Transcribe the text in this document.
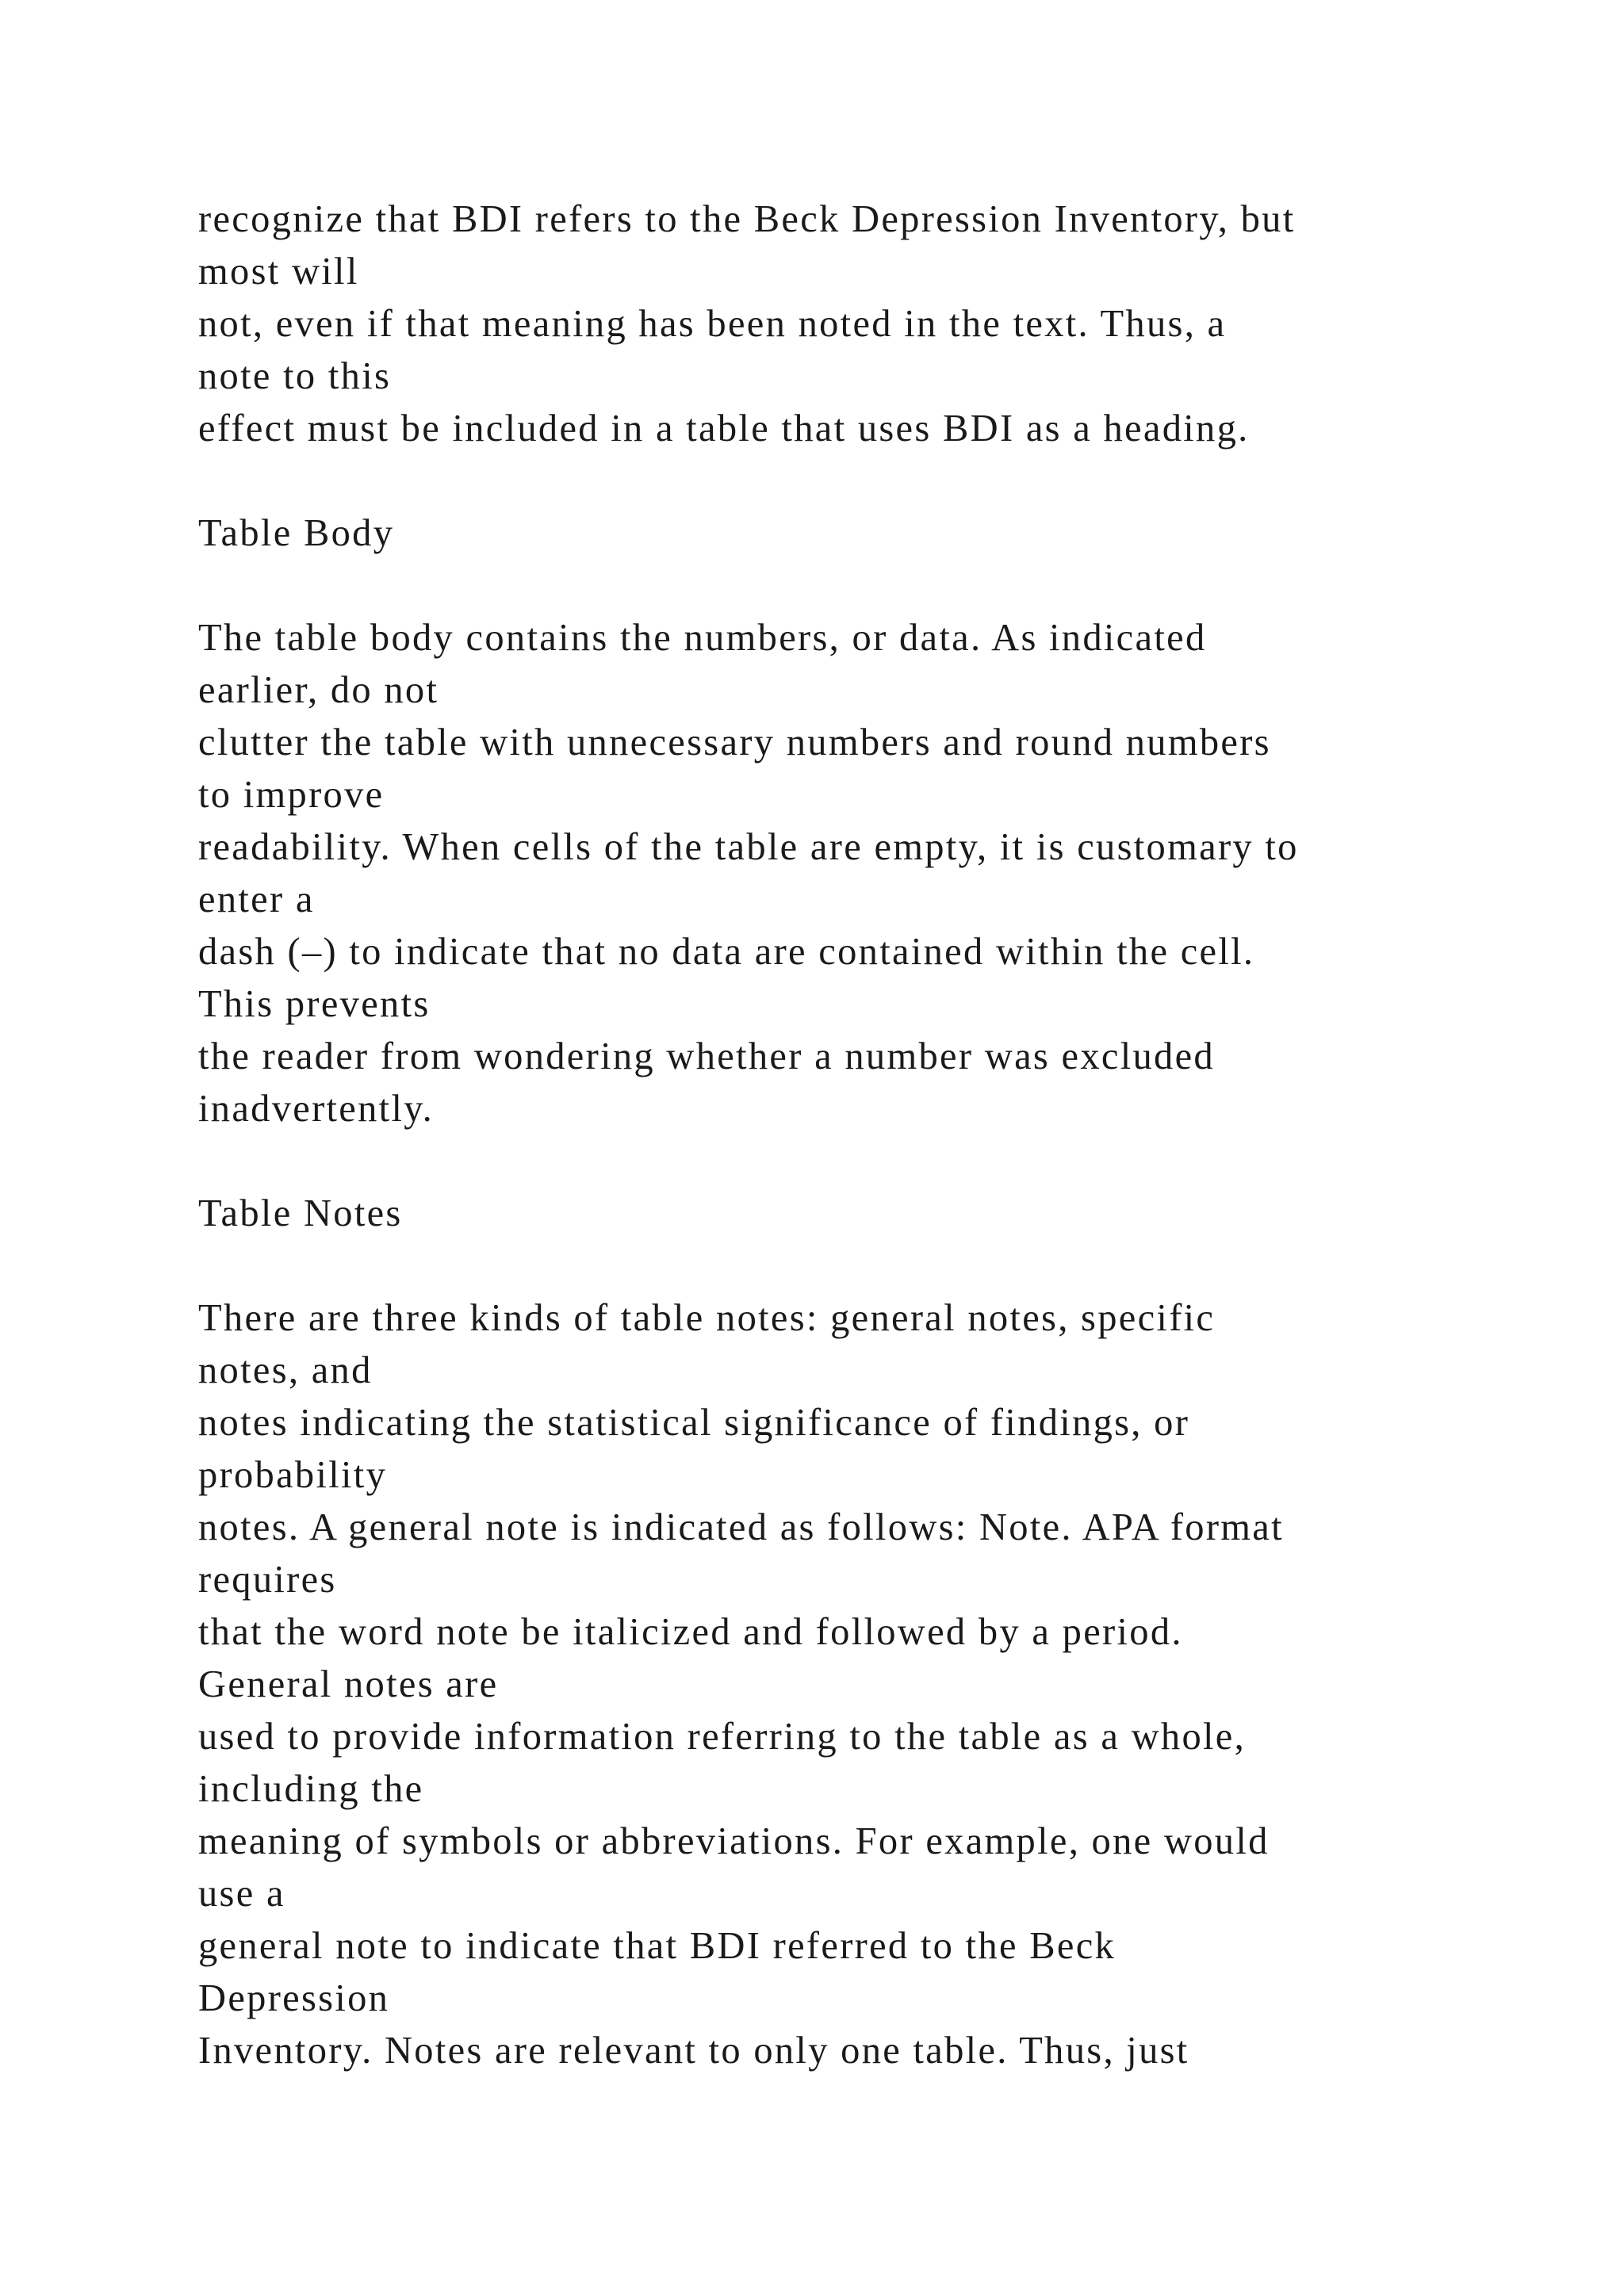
recognize that BDI refers to the Beck Depression Inventory, but
most will
not, even if that meaning has been noted in the text. Thus, a
note to this
effect must be included in a table that uses BDI as a heading.
Table Body
The table body contains the numbers, or data. As indicated
earlier, do not
clutter the table with unnecessary numbers and round numbers
to improve
readability. When cells of the table are empty, it is customary to
enter a
dash (–) to indicate that no data are contained within the cell.
This prevents
the reader from wondering whether a number was excluded
inadvertently.
Table Notes
There are three kinds of table notes: general notes, specific
notes, and
notes indicating the statistical significance of findings, or
probability
notes. A general note is indicated as follows: Note. APA format
requires
that the word note be italicized and followed by a period.
General notes are
used to provide information referring to the table as a whole,
including the
meaning of symbols or abbreviations. For example, one would
use a
general note to indicate that BDI referred to the Beck
Depression
Inventory. Notes are relevant to only one table. Thus, just
